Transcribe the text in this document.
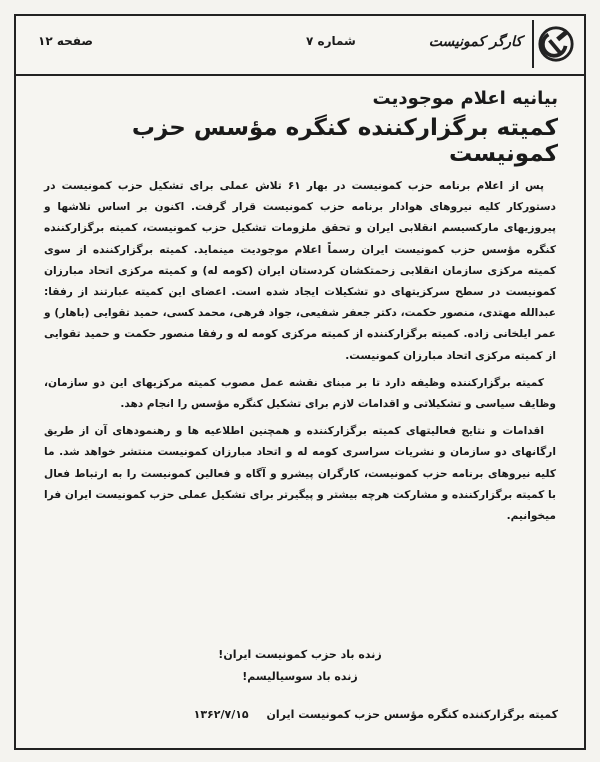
کارگر کمونیست
شماره ۷
صفحه ۱۲

بیانیه اعلام موجودیت

کمیته برگزارکننده کنگره مؤسس حزب کمونیست

پس از اعلام برنامه حزب کمونیست در بهار ۶۱ تلاش عملی برای تشکیل حزب کمونیست در دستورکار کلیه نیروهای هوادار برنامه حزب کمونیست قرار گرفت. اکنون بر اساس تلاشها و پیروزیهای مارکسیسم انقلابی ایران و تحقق ملزومات تشکیل حزب کمونیست، کمیته برگزارکننده کنگره مؤسس حزب کمونیست ایران رسماً اعلام موجودیت مینماید. کمیته برگزارکننده از سوی کمیته مرکزی سازمان انقلابی زحمتکشان کردستان ایران (کومه له) و کمیته مرکزی اتحاد مبارزان کمونیست در سطح سرکزیتهای دو تشکیلات ایجاد شده است. اعضای این کمیته عبارتند از رفقا: عبدالله مهتدی، منصور حکمت، دکتر جعفر شفیعی، جواد فرهی، محمد کسی، حمید تقوایی (باهار) و عمر ایلخانی زاده. کمیته برگزارکننده از کمیته مرکزی کومه له و رفقا منصور حکمت و حمید تقوایی از کمیته مرکزی اتحاد مبارزان کمونیست.

کمیته برگزارکننده وظیفه دارد تا بر مبنای نقشه عمل مصوب کمیته مرکزیهای این دو سازمان، وظایف سیاسی و تشکیلاتی و اقدامات لازم برای تشکیل کنگره مؤسس را انجام دهد.

اقدامات و نتایج فعالیتهای کمیته برگزارکننده و همچنین اطلاعیه ها و رهنمودهای آن از طریق ارگانهای دو سازمان و نشریات سراسری کومه له و اتحاد مبارزان کمونیست منتشر خواهد شد. ما کلیه نیروهای برنامه حزب کمونیست، کارگران پیشرو و آگاه و فعالین کمونیست را به ارتباط فعال با کمیته برگزارکننده و مشارکت هرچه بیشتر و پیگیرتر برای تشکیل عملی حزب کمونیست ایران فرا میخوانیم.

زنده باد حزب کمونیست ایران!

زنده باد سوسیالیسم!

کمیته برگزارکننده کنگره مؤسس حزب کمونیست ایران ۱۳۶۲/۷/۱۵
